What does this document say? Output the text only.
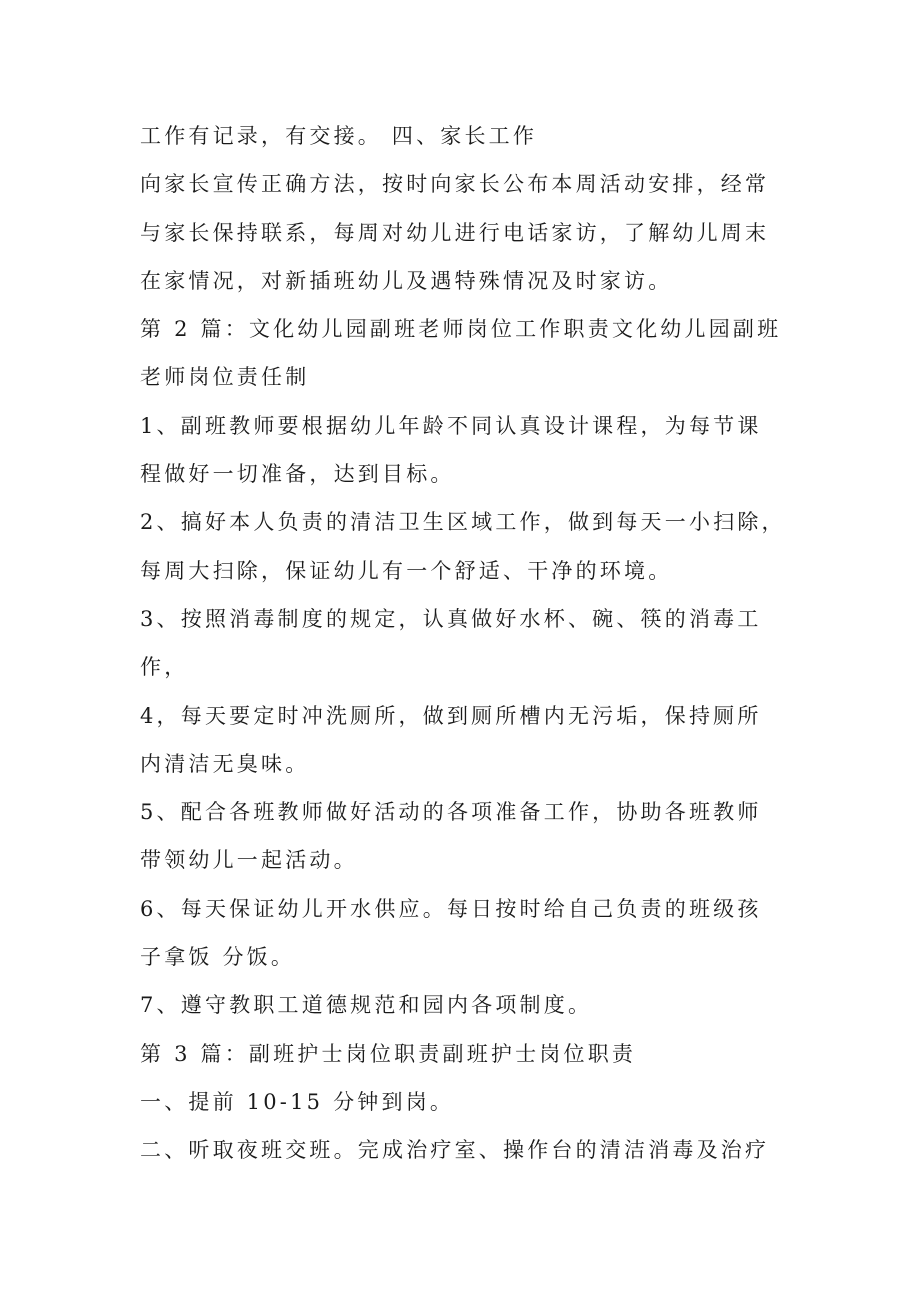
工作有记录，有交接。 四、家长工作
向家长宣传正确方法，按时向家长公布本周活动安排，经常
与家长保持联系，每周对幼儿进行电话家访，了解幼儿周末
在家情况，对新插班幼儿及遇特殊情况及时家访。
第 2 篇：文化幼儿园副班老师岗位工作职责文化幼儿园副班
老师岗位责任制
1、副班教师要根据幼儿年龄不同认真设计课程，为每节课
程做好一切准备，达到目标。
2、搞好本人负责的清洁卫生区域工作，做到每天一小扫除，
每周大扫除，保证幼儿有一个舒适、干净的环境。
3、按照消毒制度的规定，认真做好水杯、碗、筷的消毒工
作，
4，每天要定时冲洗厕所，做到厕所槽内无污垢，保持厕所
内清洁无臭味。
5、配合各班教师做好活动的各项准备工作，协助各班教师
带领幼儿一起活动。
6、每天保证幼儿开水供应。每日按时给自己负责的班级孩
子拿饭 分饭。
7、遵守教职工道德规范和园内各项制度。
第 3 篇：副班护士岗位职责副班护士岗位职责
一、提前 10-15 分钟到岗。
二、听取夜班交班。完成治疗室、操作台的清洁消毒及治疗
